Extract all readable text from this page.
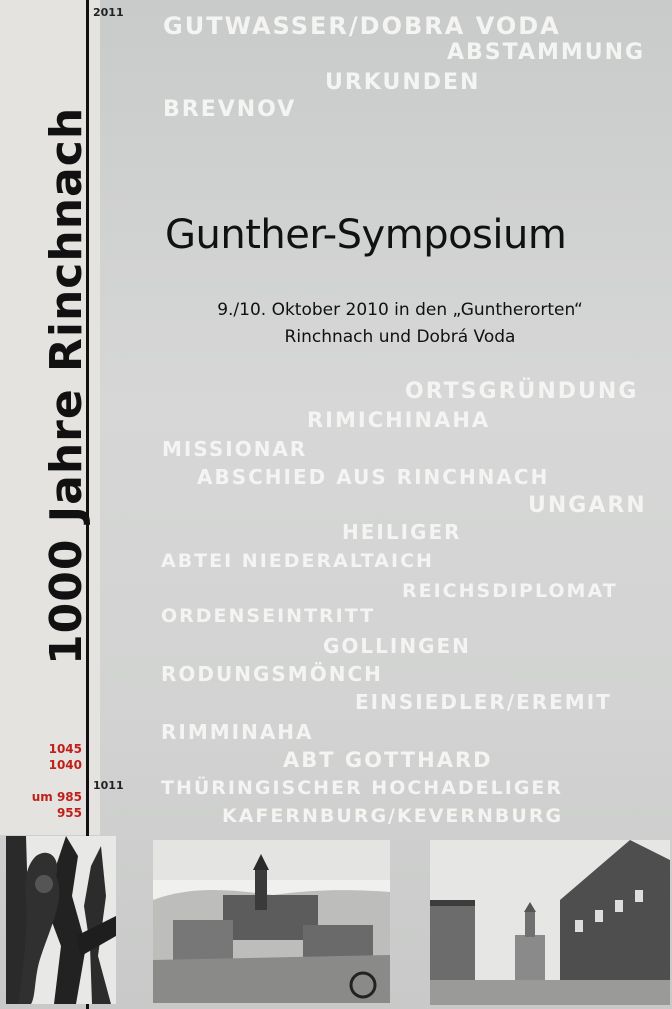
1000 Jahre Rinchnach
2011
1011
1045
1040
um 985
955
GUTWASSER/DOBRA VODA
ABSTAMMUNG
URKUNDEN
BREVNOV
Gunther-Symposium
9./10. Oktober 2010 in den „Guntherorten“
Rinchnach und Dobrá Voda
ORTSGRÜNDUNG
RIMICHINAHA
MISSIONAR
ABSCHIED AUS RINCHNACH
UNGARN
HEILIGER
ABTEI NIEDERALTAICH
REICHSDIPLOMAT
ORDENSEINTRITT
GOLLINGEN
RODUNGSMÖNCH
EINSIEDLER/EREMIT
RIMMINAHA
ABT GOTTHARD
THÜRINGISCHER HOCHADELIGER
KAFERNBURG/KEVERNBURG
